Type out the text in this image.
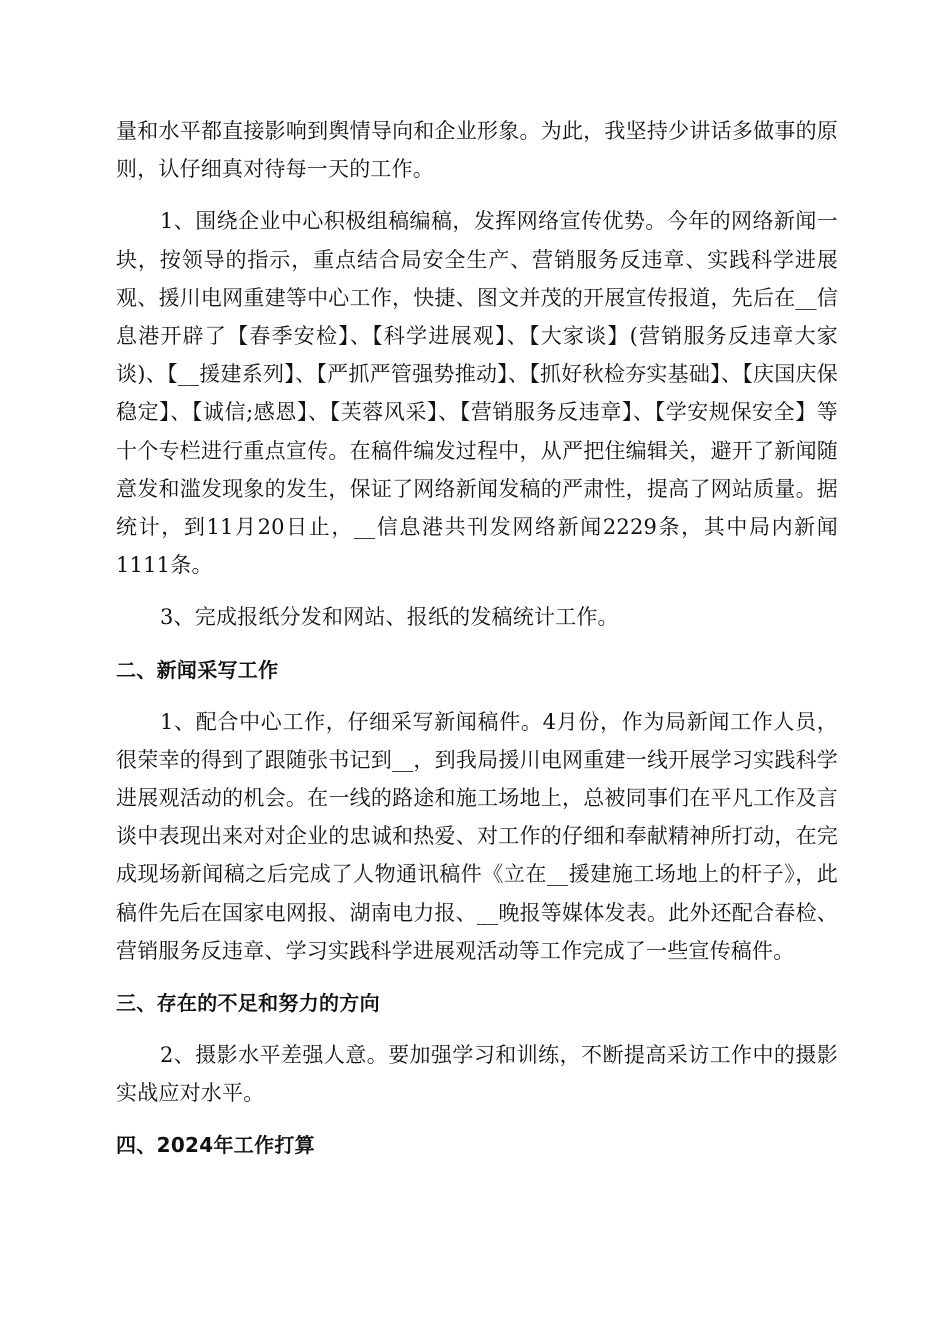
量和水平都直接影响到舆情导向和企业形象。为此，我坚持少讲话多做事的原则，认仔细真对待每一天的工作。

1、围绕企业中心积极组稿编稿，发挥网络宣传优势。今年的网络新闻一块，按领导的指示，重点结合局安全生产、营销服务反违章、实践科学进展观、援川电网重建等中心工作，快捷、图文并茂的开展宣传报道，先后在__信息港开辟了【春季安检】、【科学进展观】、【大家谈】(营销服务反违章大家谈)、【__援建系列】、【严抓严管强势推动】、【抓好秋检夯实基础】、【庆国庆保稳定】、【诚信;感恩】、【芙蓉风采】、【营销服务反违章】、【学安规保安全】等十个专栏进行重点宣传。在稿件编发过程中，从严把住编辑关，避开了新闻随意发和滥发现象的发生，保证了网络新闻发稿的严肃性，提高了网站质量。据统计，到11月20日止，__信息港共刊发网络新闻2229条，其中局内新闻1111条。

3、完成报纸分发和网站、报纸的发稿统计工作。

二、新闻采写工作

1、配合中心工作，仔细采写新闻稿件。4月份，作为局新闻工作人员，很荣幸的得到了跟随张书记到__，到我局援川电网重建一线开展学习实践科学进展观活动的机会。在一线的路途和施工场地上，总被同事们在平凡工作及言谈中表现出来对对企业的忠诚和热爱、对工作的仔细和奉献精神所打动，在完成现场新闻稿之后完成了人物通讯稿件《立在__援建施工场地上的杆子》，此稿件先后在国家电网报、湖南电力报、__晚报等媒体发表。此外还配合春检、营销服务反违章、学习实践科学进展观活动等工作完成了一些宣传稿件。

三、存在的不足和努力的方向

2、摄影水平差强人意。要加强学习和训练，不断提高采访工作中的摄影实战应对水平。

四、2024年工作打算
